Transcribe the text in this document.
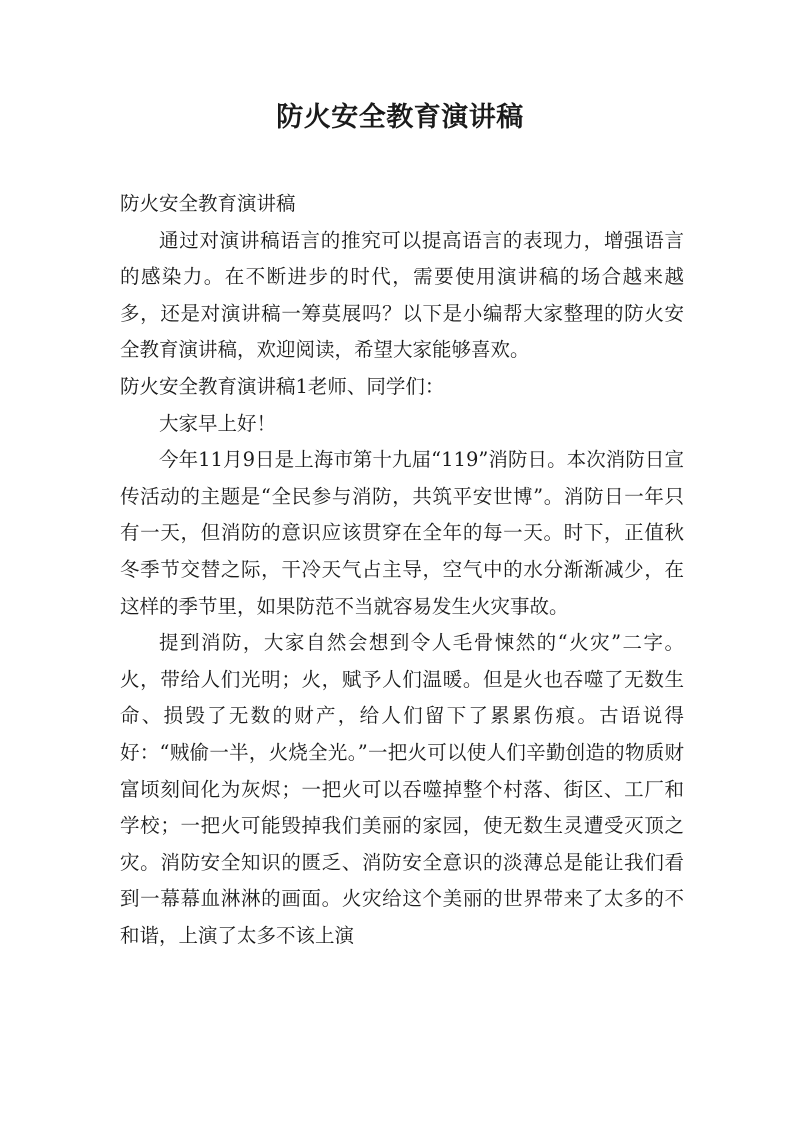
防火安全教育演讲稿

防火安全教育演讲稿

通过对演讲稿语言的推究可以提高语言的表现力，增强语言的感染力。在不断进步的时代，需要使用演讲稿的场合越来越多，还是对演讲稿一筹莫展吗？以下是小编帮大家整理的防火安全教育演讲稿，欢迎阅读，希望大家能够喜欢。

防火安全教育演讲稿1老师、同学们：

大家早上好！

今年11月9日是上海市第十九届“119”消防日。本次消防日宣传活动的主题是“全民参与消防，共筑平安世博”。消防日一年只有一天，但消防的意识应该贯穿在全年的每一天。时下，正值秋冬季节交替之际，干冷天气占主导，空气中的水分渐渐减少，在这样的季节里，如果防范不当就容易发生火灾事故。

提到消防，大家自然会想到令人毛骨悚然的“火灾”二字。火，带给人们光明；火，赋予人们温暖。但是火也吞噬了无数生命、损毁了无数的财产，给人们留下了累累伤痕。古语说得好：“贼偷一半，火烧全光。”一把火可以使人们辛勤创造的物质财富顷刻间化为灰烬；一把火可以吞噬掉整个村落、街区、工厂和学校；一把火可能毁掉我们美丽的家园，使无数生灵遭受灭顶之灾。消防安全知识的匮乏、消防安全意识的淡薄总是能让我们看到一幕幕血淋淋的画面。火灾给这个美丽的世界带来了太多的不和谐，上演了太多不该上演
